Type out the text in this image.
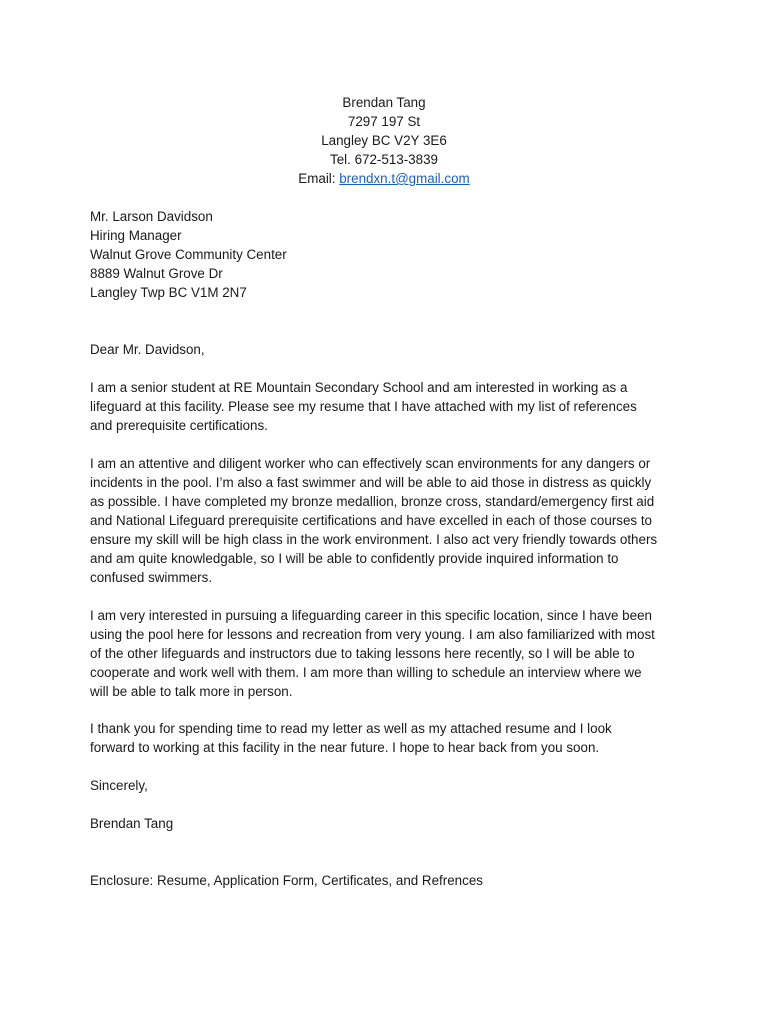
Brendan Tang
7297 197 St
Langley BC V2Y 3E6
Tel. 672-513-3839
Email: brendxn.t@gmail.com
Mr. Larson Davidson
Hiring Manager
Walnut Grove Community Center
8889 Walnut Grove Dr
Langley Twp BC V1M 2N7
Dear Mr. Davidson,

I am a senior student at RE Mountain Secondary School and am interested in working as a
lifeguard at this facility. Please see my resume that I have attached with my list of references
and prerequisite certifications.

I am an attentive and diligent worker who can effectively scan environments for any dangers or
incidents in the pool. I’m also a fast swimmer and will be able to aid those in distress as quickly
as possible. I have completed my bronze medallion, bronze cross, standard/emergency first aid
and National Lifeguard prerequisite certifications and have excelled in each of those courses to
ensure my skill will be high class in the work environment. I also act very friendly towards others
and am quite knowledgable, so I will be able to confidently provide inquired information to
confused swimmers.

I am very interested in pursuing a lifeguarding career in this specific location, since I have been
using the pool here for lessons and recreation from very young. I am also familiarized with most
of the other lifeguards and instructors due to taking lessons here recently, so I will be able to
cooperate and work well with them. I am more than willing to schedule an interview where we
will be able to talk more in person.

I thank you for spending time to read my letter as well as my attached resume and I look
forward to working at this facility in the near future. I hope to hear back from you soon.

Sincerely,
Brendan Tang
Enclosure: Resume, Application Form, Certificates, and Refrences
